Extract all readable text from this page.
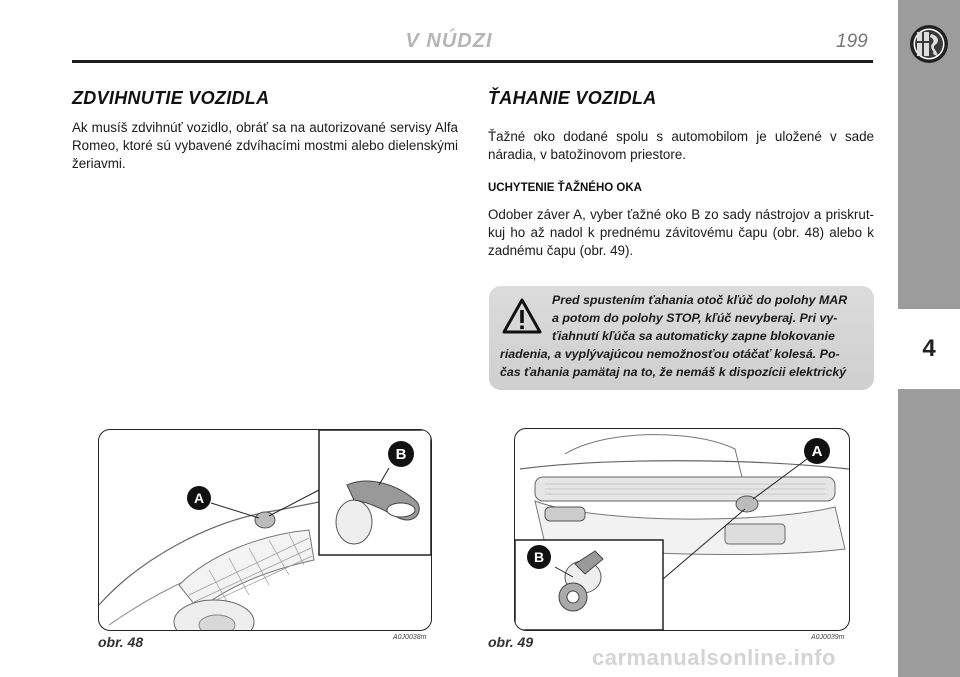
V NÚDZI	199
4
ZDVIHNUTIE VOZIDLA
Ak musíš zdvihnúť vozidlo, obráť sa na autorizované servisy Alfa Romeo, ktoré sú vybavené zdvíhacími mostmi alebo dielenskými žeriavmi.
ŤAHANIE VOZIDLA
Ťažné oko dodané spolu s automobilom je uložené v sade náradia, v batožinovom priestore.
UCHYTENIE ŤAŽNÉHO OKA
Odober záver A, vyber ťažné oko B zo sady nástrojov a priskrut-kuj ho až nadol k prednému závitovému čapu (obr. 48) alebo k zadnému čapu (obr. 49).
Pred spustením ťahania otoč kľúč do polohy MAR
a potom do polohy STOP, kľúč nevyberaj. Pri vy-
ťiahnutí kľúča sa automaticky zapne blokovanie
riadenia, a vyplývajúcou nemožnosťou otáčať kolesá. Po-
čas ťahania pamätaj na to, že nemáš k dispozícii elektrický
A
B
obr. 48	A0J0038m
A
B
obr. 49	A0J0039m
carmanualsonline.info
